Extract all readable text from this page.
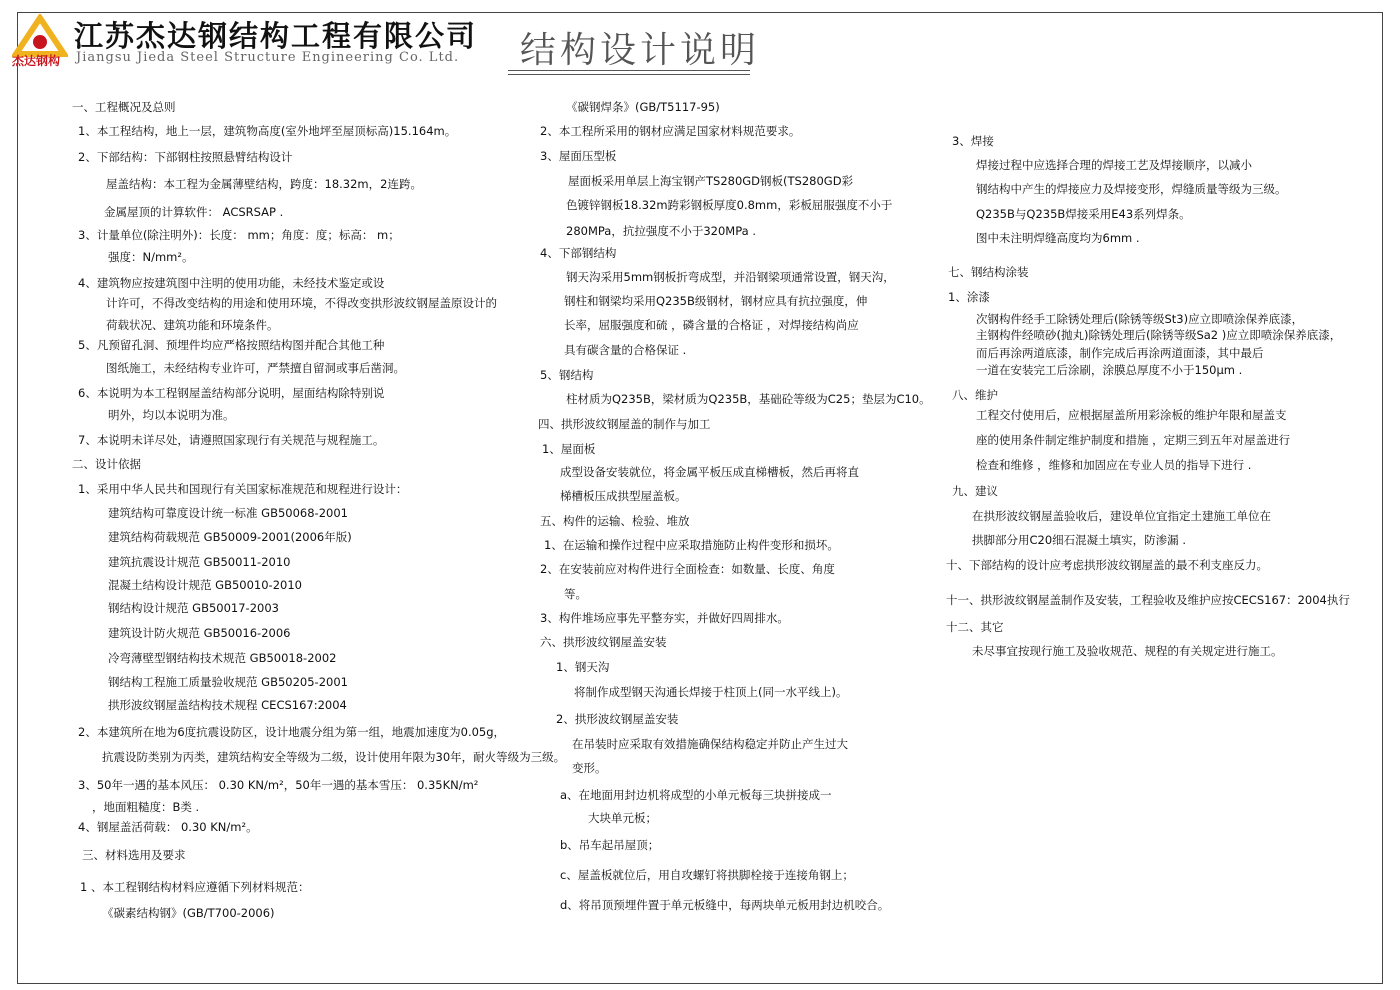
杰达钢构
江苏杰达钢结构工程有限公司
Jiangsu Jieda Steel Structure Engineering Co. Ltd. 结构设计说明
一、工程概况及总则
1、本工程结构，地上一层，建筑物高度(室外地坪至屋顶标高)15.164m。
2、下部结构：下部钢柱按照悬臂结构设计
屋盖结构：本工程为金属薄壁结构，跨度：18.32m，2连跨。
金属屋顶的计算软件： ACSRSAP .
3、计量单位(除注明外)：长度： mm；角度：度；标高： m；
强度：N/mm²。
4、建筑物应按建筑图中注明的使用功能，未经技术鉴定或设
计许可，不得改变结构的用途和使用环境，不得改变拱形波纹钢屋盖原设计的
荷载状况、建筑功能和环境条件。
5、凡预留孔洞、预埋件均应严格按照结构图并配合其他工种
图纸施工，未经结构专业许可，严禁擅自留洞或事后凿洞。
6、本说明为本工程钢屋盖结构部分说明，屋面结构除特别说
明外，均以本说明为准。
7、本说明未详尽处，请遵照国家现行有关规范与规程施工。
二、设计依据
1、采用中华人民共和国现行有关国家标准规范和规程进行设计：
建筑结构可靠度设计统一标准 GB50068-2001
建筑结构荷载规范 GB50009-2001(2006年版)
建筑抗震设计规范 GB50011-2010
混凝土结构设计规范 GB50010-2010
钢结构设计规范 GB50017-2003
建筑设计防火规范 GB50016-2006
冷弯薄壁型钢结构技术规范 GB50018-2002
钢结构工程施工质量验收规范 GB50205-2001
拱形波纹钢屋盖结构技术规程 CECS167:2004
2、本建筑所在地为6度抗震设防区，设计地震分组为第一组，地震加速度为0.05g，
抗震设防类别为丙类，建筑结构安全等级为二级，设计使用年限为30年，耐火等级为三级。
3、50年一遇的基本风压： 0.30 KN/m²，50年一遇的基本雪压： 0.35KN/m²
，地面粗糙度：B类 .
4、钢屋盖活荷载： 0.30 KN/m²。
三、材料选用及要求
1 、本工程钢结构材料应遵循下列材料规范：
《碳素结构钢》(GB/T700-2006)
《碳钢焊条》(GB/T5117-95)
2、本工程所采用的钢材应满足国家材料规范要求。
3、屋面压型板
屋面板采用单层上海宝钢产TS280GD钢板(TS280GD彩
色镀锌钢板18.32m跨彩钢板厚度0.8mm，彩板屈服强度不小于
280MPa，抗拉强度不小于320MPa .
4、下部钢结构
钢天沟采用5mm钢板折弯成型，并沿钢梁项通常设置，钢天沟，
钢柱和钢梁均采用Q235B级钢材，钢材应具有抗拉强度，伸
长率，屈服强度和硫 ，磷含量的合格证 ，对焊接结构尚应
具有碳含量的合格保证 .
5、钢结构
柱材质为Q235B，梁材质为Q235B，基础砼等级为C25；垫层为C10。
四、拱形波纹钢屋盖的制作与加工
1、屋面板
成型设备安装就位，将金属平板压成直梯槽板，然后再将直
梯槽板压成拱型屋盖板。
五、构件的运输、检验、堆放
1、在运输和操作过程中应采取措施防止构件变形和损坏。
2、在安装前应对构件进行全面检查：如数量、长度、角度
等。
3、构件堆场应事先平整夯实，并做好四周排水。
六、拱形波纹钢屋盖安装
1、钢天沟
将制作成型钢天沟通长焊接于柱顶上(同一水平线上)。
2、拱形波纹钢屋盖安装
在吊装时应采取有效措施确保结构稳定并防止产生过大
变形。
a、在地面用封边机将成型的小单元板每三块拼接成一
大块单元板；
b、吊车起吊屋顶；
c、屋盖板就位后，用自攻螺钉将拱脚栓接于连接角钢上；
d、将吊顶预埋件置于单元板缝中，每两块单元板用封边机咬合。
3、焊接
焊接过程中应选择合理的焊接工艺及焊接顺序，以减小
钢结构中产生的焊接应力及焊接变形，焊缝质量等级为三级。
Q235B与Q235B焊接采用E43系列焊条。
图中未注明焊缝高度均为6mm .
七、钢结构涂装
1、涂漆
次钢构件经手工除锈处理后(除锈等级St3)应立即喷涂保养底漆，
主钢构件经喷砂(抛丸)除锈处理后(除锈等级Sa2 )应立即喷涂保养底漆，
而后再涂两道底漆，制作完成后再涂两道面漆，其中最后
一道在安装完工后涂刷，涂膜总厚度不小于150μm .
八、维护
工程交付使用后，应根据屋盖所用彩涂板的维护年限和屋盖支
座的使用条件制定维护制度和措施 ，定期三到五年对屋盖进行
检查和维修 ，维修和加固应在专业人员的指导下进行 .
九、建议
在拱形波纹钢屋盖验收后，建设单位宜指定土建施工单位在
拱脚部分用C20细石混凝土填实，防渗漏 .
十、下部结构的设计应考虑拱形波纹钢屋盖的最不利支座反力。
十一、拱形波纹钢屋盖制作及安装，工程验收及维护应按CECS167：2004执行
十二、其它
未尽事宜按现行施工及验收规范、规程的有关规定进行施工。
